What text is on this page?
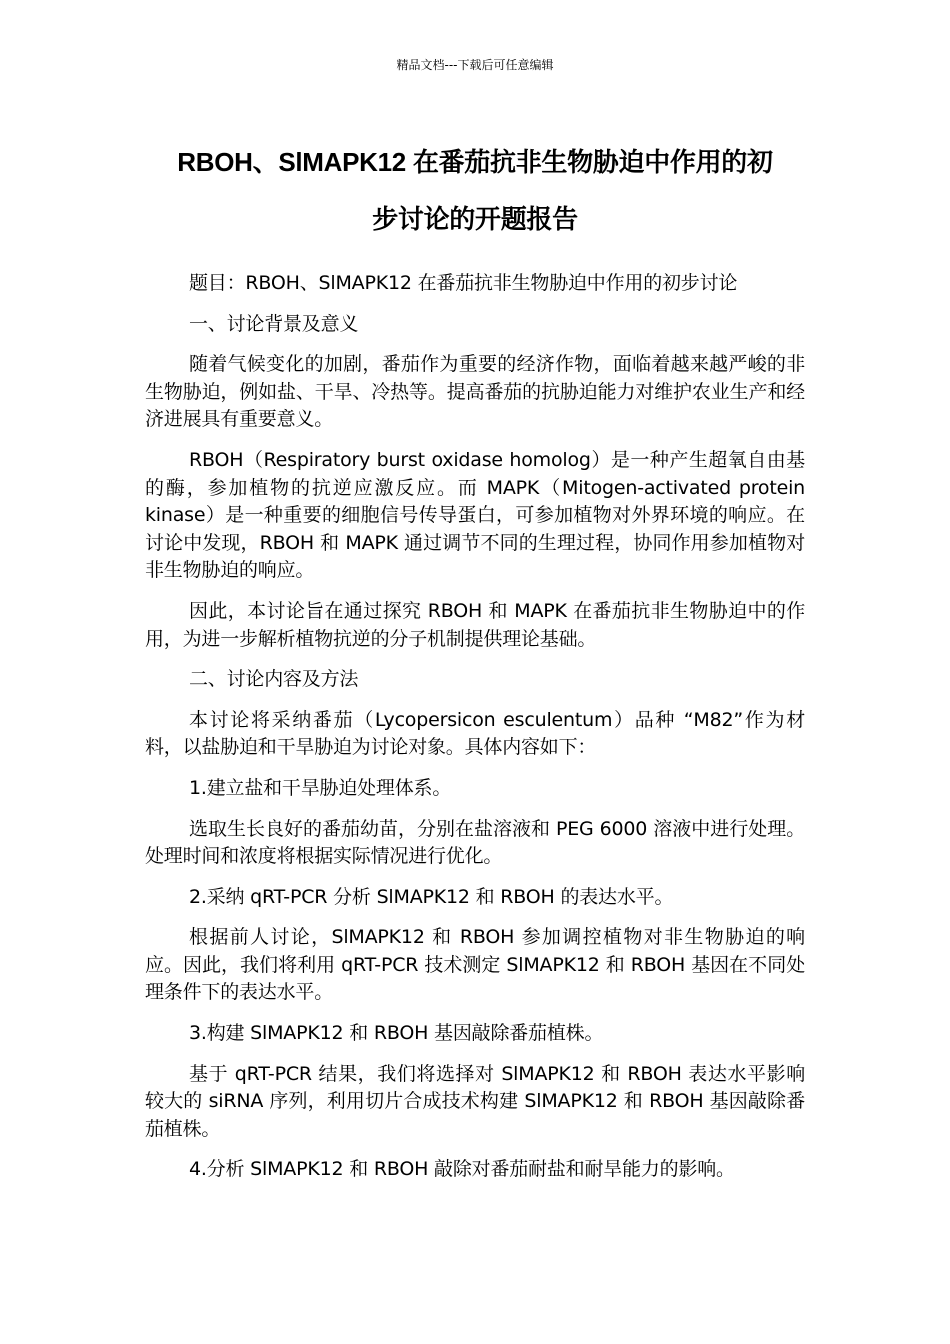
精品文档---下载后可任意编辑
RBOH、SlMAPK12 在番茄抗非生物胁迫中作用的初
步讨论的开题报告

题目：RBOH、SlMAPK12 在番茄抗非生物胁迫中作用的初步讨论

一、讨论背景及意义

随着气候变化的加剧，番茄作为重要的经济作物，面临着越来越严峻的非生物胁迫，例如盐、干旱、冷热等。提高番茄的抗胁迫能力对维护农业生产和经济进展具有重要意义。

RBOH（Respiratory burst oxidase homolog）是一种产生超氧自由基的酶，参加植物的抗逆应激反应。而 MAPK（Mitogen-activated protein kinase）是一种重要的细胞信号传导蛋白，可参加植物对外界环境的响应。在讨论中发现，RBOH 和 MAPK 通过调节不同的生理过程，协同作用参加植物对非生物胁迫的响应。

因此，本讨论旨在通过探究 RBOH 和 MAPK 在番茄抗非生物胁迫中的作用，为进一步解析植物抗逆的分子机制提供理论基础。

二、讨论内容及方法

本讨论将采纳番茄（Lycopersicon esculentum）品种 “M82”作为材料，以盐胁迫和干旱胁迫为讨论对象。具体内容如下：

1.建立盐和干旱胁迫处理体系。

选取生长良好的番茄幼苗，分别在盐溶液和 PEG 6000 溶液中进行处理。处理时间和浓度将根据实际情况进行优化。

2.采纳 qRT-PCR 分析 SlMAPK12 和 RBOH 的表达水平。

根据前人讨论，SlMAPK12 和 RBOH 参加调控植物对非生物胁迫的响应。因此，我们将利用 qRT-PCR 技术测定 SlMAPK12 和 RBOH 基因在不同处理条件下的表达水平。

3.构建 SlMAPK12 和 RBOH 基因敲除番茄植株。

基于 qRT-PCR 结果，我们将选择对 SlMAPK12 和 RBOH 表达水平影响较大的 siRNA 序列，利用切片合成技术构建 SlMAPK12 和 RBOH 基因敲除番茄植株。

4.分析 SlMAPK12 和 RBOH 敲除对番茄耐盐和耐旱能力的影响。
